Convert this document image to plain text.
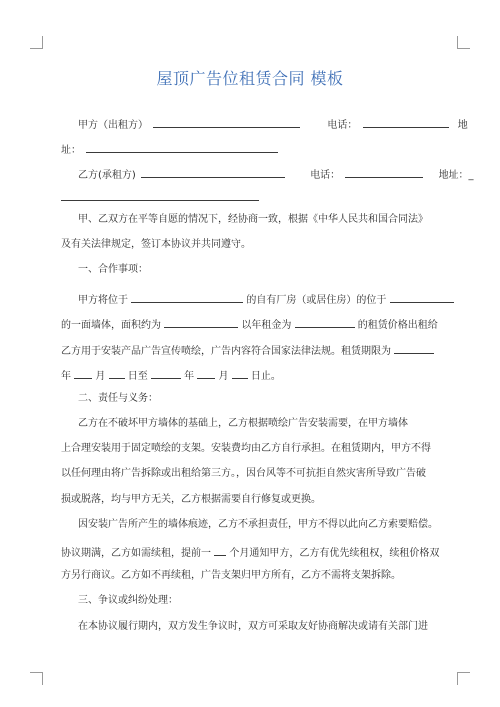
屋顶广告位租赁合同 模板
甲方（出租方）	电话：	地
址：
乙方(承租方)	电话：	地址：_
甲、乙双方在平等自愿的情况下，经协商一致，根据《中华人民共和国合同法》
及有关法律规定，签订本协议并共同遵守。
一、合作事项：
甲方将位于	的自有厂房（或居住房）的位于
的一面墙体，面积约为	以年租金为	的租赁价格出租给
乙方用于安装产品广告宣传喷绘，广告内容符合国家法律法规。租赁期限为
年 月 日至	年 月 日止。
二、责任与义务：
乙方在不破坏甲方墙体的基础上，乙方根据喷绘广告安装需要，在甲方墙体
上合理安装用于固定喷绘的支架。安装费均由乙方自行承担。在租赁期内，甲方不得
以任何理由将广告拆除或出租给第三方。，因台风等不可抗拒自然灾害所导致广告破
损或脱落，均与甲方无关，乙方根据需要自行修复或更换。
因安装广告所产生的墙体痕迹，乙方不承担责任，甲方不得以此向乙方索要赔偿。
协议期满，乙方如需续租，提前一 个月通知甲方，乙方有优先续租权，续租价格双
方另行商议。乙方如不再续租，广告支架归甲方所有，乙方不需将支架拆除。
三、争议或纠纷处理：
在本协议履行期内，双方发生争议时，双方可采取友好协商解决或请有关部门进
